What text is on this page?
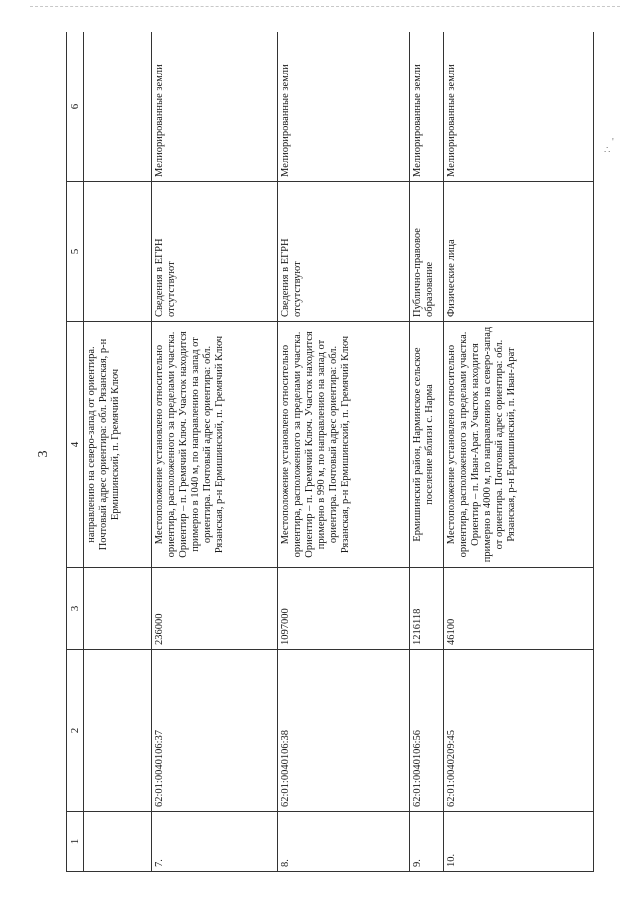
3
'
∴
1	2	3	4	5	6
			направлению на северо-запад от ориентира. Почтовый адрес ориентира: обл. Рязанская, р-н Ермишинский, п. Гремячий Ключ		
7.	62:01:0040106:37	236000	Местоположение установлено относительно ориентира, расположенного за пределами участка. Ориентир – п. Гремячий Ключ. Участок находится примерно в 1040 м, по направлению на запад от ориентира. Почтовый адрес ориентира: обл. Рязанская, р-н Ермишинский, п. Гремячий Ключ	Сведения в ЕГРН отсутствуют	Мелиорированные земли
8.	62:01:0040106:38	1097000	Местоположение установлено относительно ориентира, расположенного за пределами участка. Ориентир – п. Гремячий Ключ. Участок находится примерно в 990 м, по направлению на запад от ориентира. Почтовый адрес ориентира: обл. Рязанская, р-н Ермишинский, п. Гремячий Ключ	Сведения в ЕГРН отсутствуют	Мелиорированные земли
9.	62:01:0040106:56	1216118	Ермишинский район, Нарминское сельское поселение вблизи с. Нарма	Публично-правовое образование	Мелиорированные земли
10.	62:01:0040209:45	46100	Местоположение установлено относительно ориентира, расположенного за пределами участка. Ориентир – п. Иван-Арат. Участок находится примерно в 4000 м, по направлению на северо-запад от ориентира. Почтовый адрес ориентира: обл. Рязанская, р-н Ермишинский, п. Иван-Арат	Физические лица	Мелиорированные земли
